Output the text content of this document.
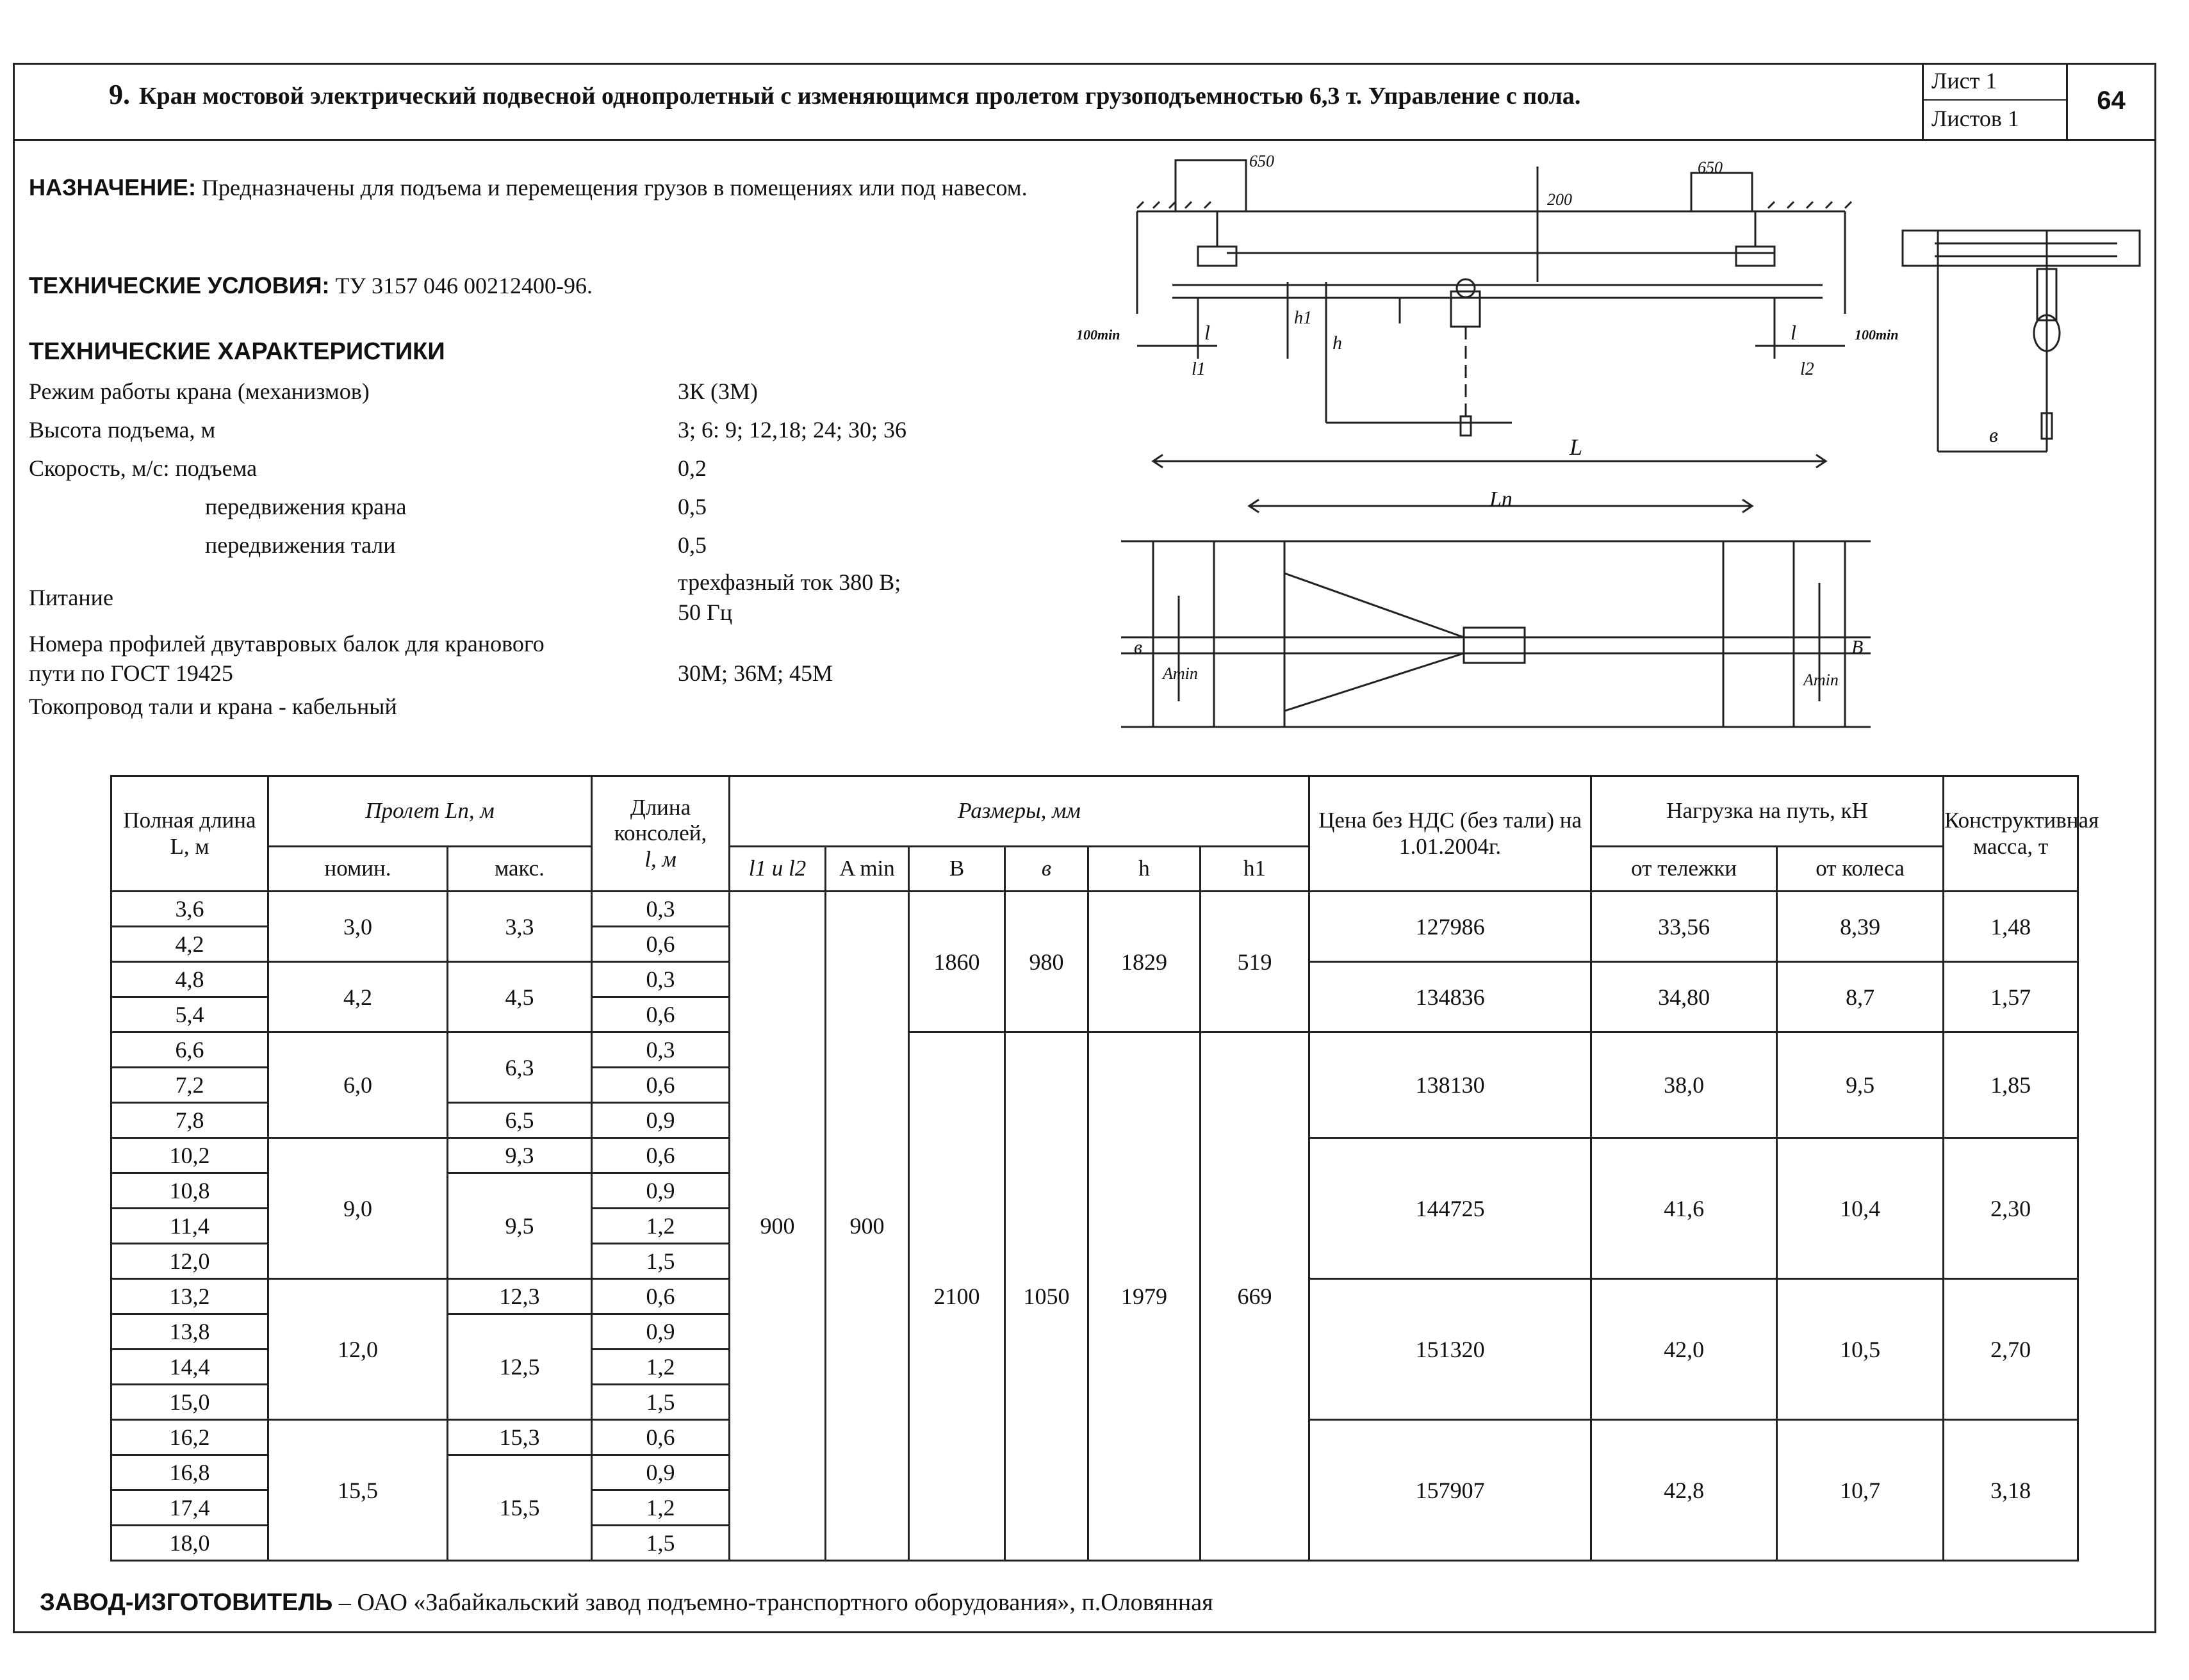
9. Кран мостовой электрический подвесной однопролетный с изменяющимся пролетом грузоподъемностью 6,3 т. Управление с пола.
Лист 1
Листов 1
64
НАЗНАЧЕНИЕ: Предназначены для подъема и перемещения грузов в помещениях или под навесом.
ТЕХНИЧЕСКИЕ УСЛОВИЯ: ТУ 3157 046 00212400-96.
ТЕХНИЧЕСКИЕ ХАРАКТЕРИСТИКИ
Режим работы крана (механизмов)	3К (3М)
Высота подъема, м	3; 6: 9; 12,18; 24; 30; 36
Скорость, м/с: подъема	0,2
передвижения крана	0,5
передвижения тали	0,5
Питание
трехфазный ток 380 В;
50 Гц
Номера профилей двутавровых балок для кранового
пути по ГОСТ 19425	30М; 36М; 45М
Токопровод тали и крана - кабельный
650	650
200
h1
h
l	l
l1	l2
L
100min	100min
в
Lп
в
Amin	Amin
B
Полная длина L, м	Пролет Lп, м		Длина консолей,
l, м	Размеры, мм						Цена без НДС (без тали) на 1.01.2004г.	Нагрузка на путь, кН		Конструктивная масса, т
	номин.	макс.		l1 и l2	A min	B	в	h	h1		от тележки	от колеса	
3,6	3,0	3,3	0,3	900	900	1860	980	1829	519	127986	33,56	8,39	1,48
4,2			0,6										
4,8	4,2	4,5	0,3							134836	34,80	8,7	1,57
5,4			0,6										
6,6	6,0	6,3	0,3			2100	1050	1979	669	138130	38,0	9,5	1,85
7,2			0,6										
7,8		6,5	0,9										
10,2	9,0	9,3	0,6							144725	41,6	10,4	2,30
10,8		9,5	0,9										
11,4			1,2										
12,0			1,5										
13,2	12,0	12,3	0,6							151320	42,0	10,5	2,70
13,8		12,5	0,9										
14,4			1,2										
15,0			1,5										
16,2	15,5	15,3	0,6							157907	42,8	10,7	3,18
16,8		15,5	0,9										
17,4			1,2										
18,0			1,5										
ЗАВОД-ИЗГОТОВИТЕЛЬ – ОАО «Забайкальский завод подъемно-транспортного оборудования», п.Оловянная
